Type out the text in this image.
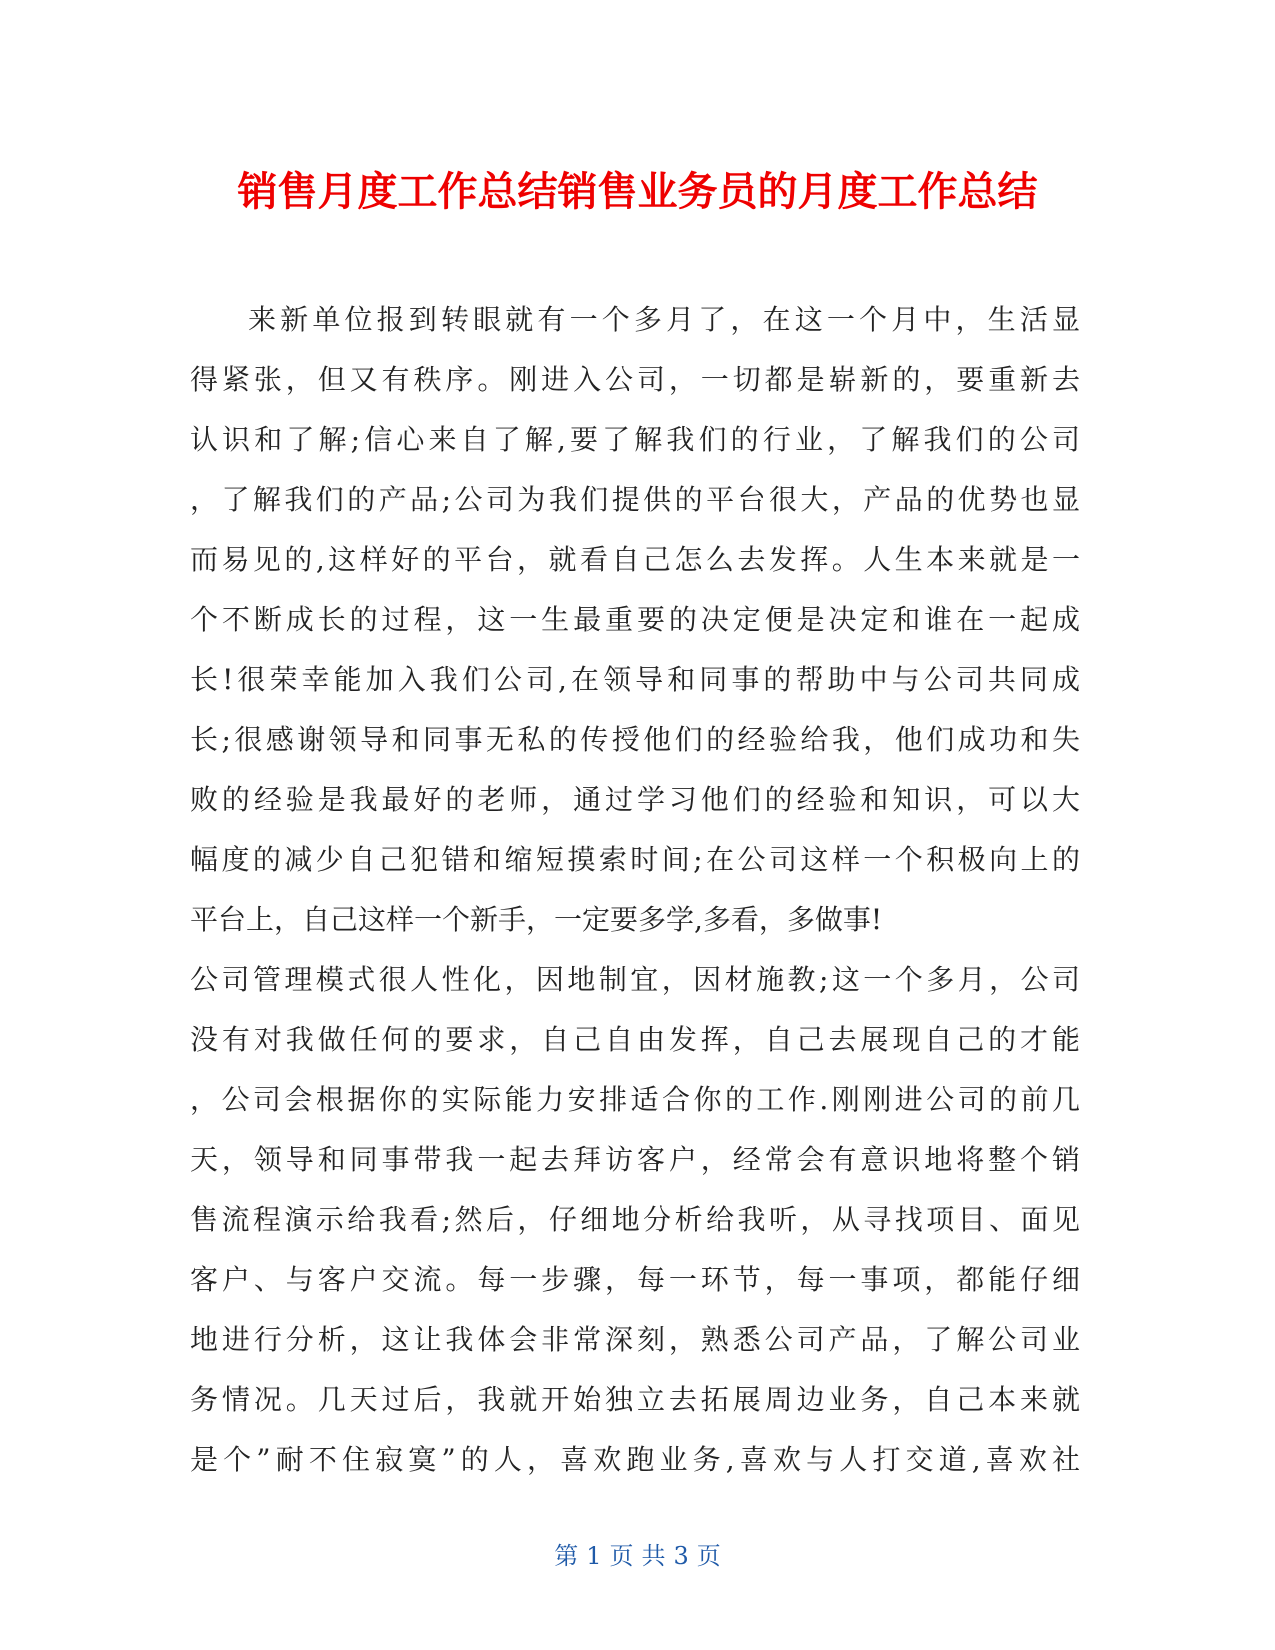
销售月度工作总结销售业务员的月度工作总结
来新单位报到转眼就有一个多月了，在这一个月中，生活显
得紧张，但又有秩序。刚进入公司，一切都是崭新的，要重新去
认识和了解;信心来自了解,要了解我们的行业，了解我们的公司
，了解我们的产品;公司为我们提供的平台很大，产品的优势也显
而易见的,这样好的平台，就看自己怎么去发挥。人生本来就是一
个不断成长的过程，这一生最重要的决定便是决定和谁在一起成
长!很荣幸能加入我们公司,在领导和同事的帮助中与公司共同成
长;很感谢领导和同事无私的传授他们的经验给我，他们成功和失
败的经验是我最好的老师，通过学习他们的经验和知识，可以大
幅度的减少自己犯错和缩短摸索时间;在公司这样一个积极向上的
平台上，自己这样一个新手，一定要多学,多看，多做事!
公司管理模式很人性化，因地制宜，因材施教;这一个多月，公司
没有对我做任何的要求，自己自由发挥，自己去展现自己的才能
，公司会根据你的实际能力安排适合你的工作.刚刚进公司的前几
天，领导和同事带我一起去拜访客户，经常会有意识地将整个销
售流程演示给我看;然后，仔细地分析给我听，从寻找项目、面见
客户、与客户交流。每一步骤，每一环节，每一事项，都能仔细
地进行分析，这让我体会非常深刻，熟悉公司产品，了解公司业
务情况。几天过后，我就开始独立去拓展周边业务，自己本来就
是个”耐不住寂寞”的人，喜欢跑业务,喜欢与人打交道,喜欢社
第 1 页 共 3 页
